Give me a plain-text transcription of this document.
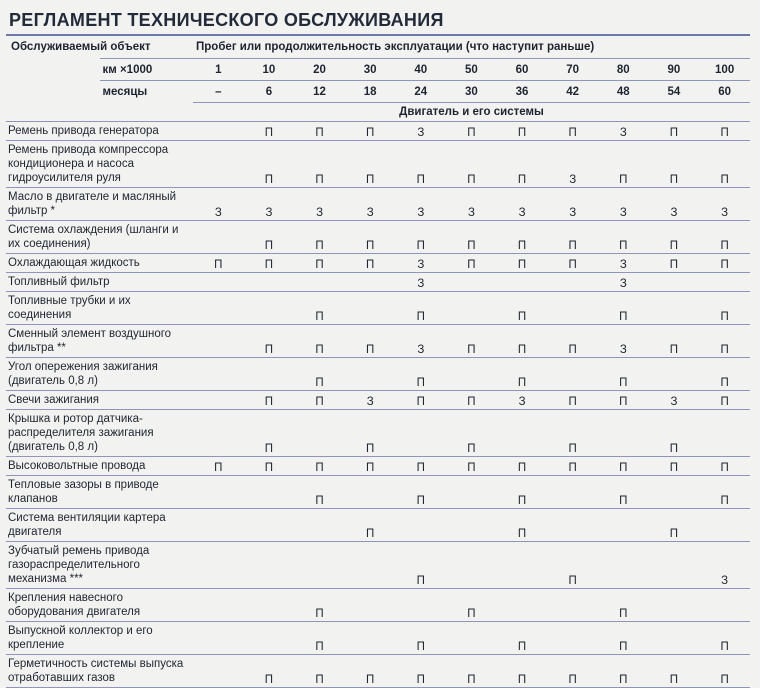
РЕГЛАМЕНТ ТЕХНИЧЕСКОГО ОБСЛУЖИВАНИЯ
Обслуживаемый объект		Пробег или продолжительность эксплуатации (что наступит раньше)										
	км ×1000	1	10	20	30	40	50	60	70	80	90	100
	месяцы	–	6	12	18	24	30	36	42	48	54	60
		Двигатель и его системы										
Ремень привода генератора			П	П	П	З	П	П	П	З	П	П
Ремень привода компрессора кондиционера и насоса гидроусилителя руля			П	П	П	П	П	П	З	П	П	П
Масло в двигателе и масляный фильтр *		З	З	З	З	З	З	З	З	З	З	З
Система охлаждения (шланги и их соединения)			П	П	П	П	П	П	П	П	П	П
Охлаждающая жидкость		П	П	П	П	З	П	П	П	З	П	П
Топливный фильтр						З				З		
Топливные трубки и их соединения				П		П		П		П		П
Сменный элемент воздушного фильтра **			П	П	П	З	П	П	П	З	П	П
Угол опережения зажигания (двигатель 0,8 л)				П		П		П		П		П
Свечи зажигания			П	П	З	П	П	З	П	П	З	П
Крышка и ротор датчика-распределителя зажигания (двигатель 0,8 л)			П		П		П		П		П	
Высоковольтные провода		П	П	П	П	П	П	П	П	П	П	П
Тепловые зазоры в приводе клапанов				П		П		П		П		П
Система вентиляции картера двигателя					П			П			П	
Зубчатый ремень привода газораспределительного механизма ***						П			П			З
Крепления навесного оборудования двигателя				П			П			П		
Выпускной коллектор и его крепление				П		П		П		П		П
Герметичность системы выпуска отработавших газов			П	П	П	П	П	П	П	П	П	П
